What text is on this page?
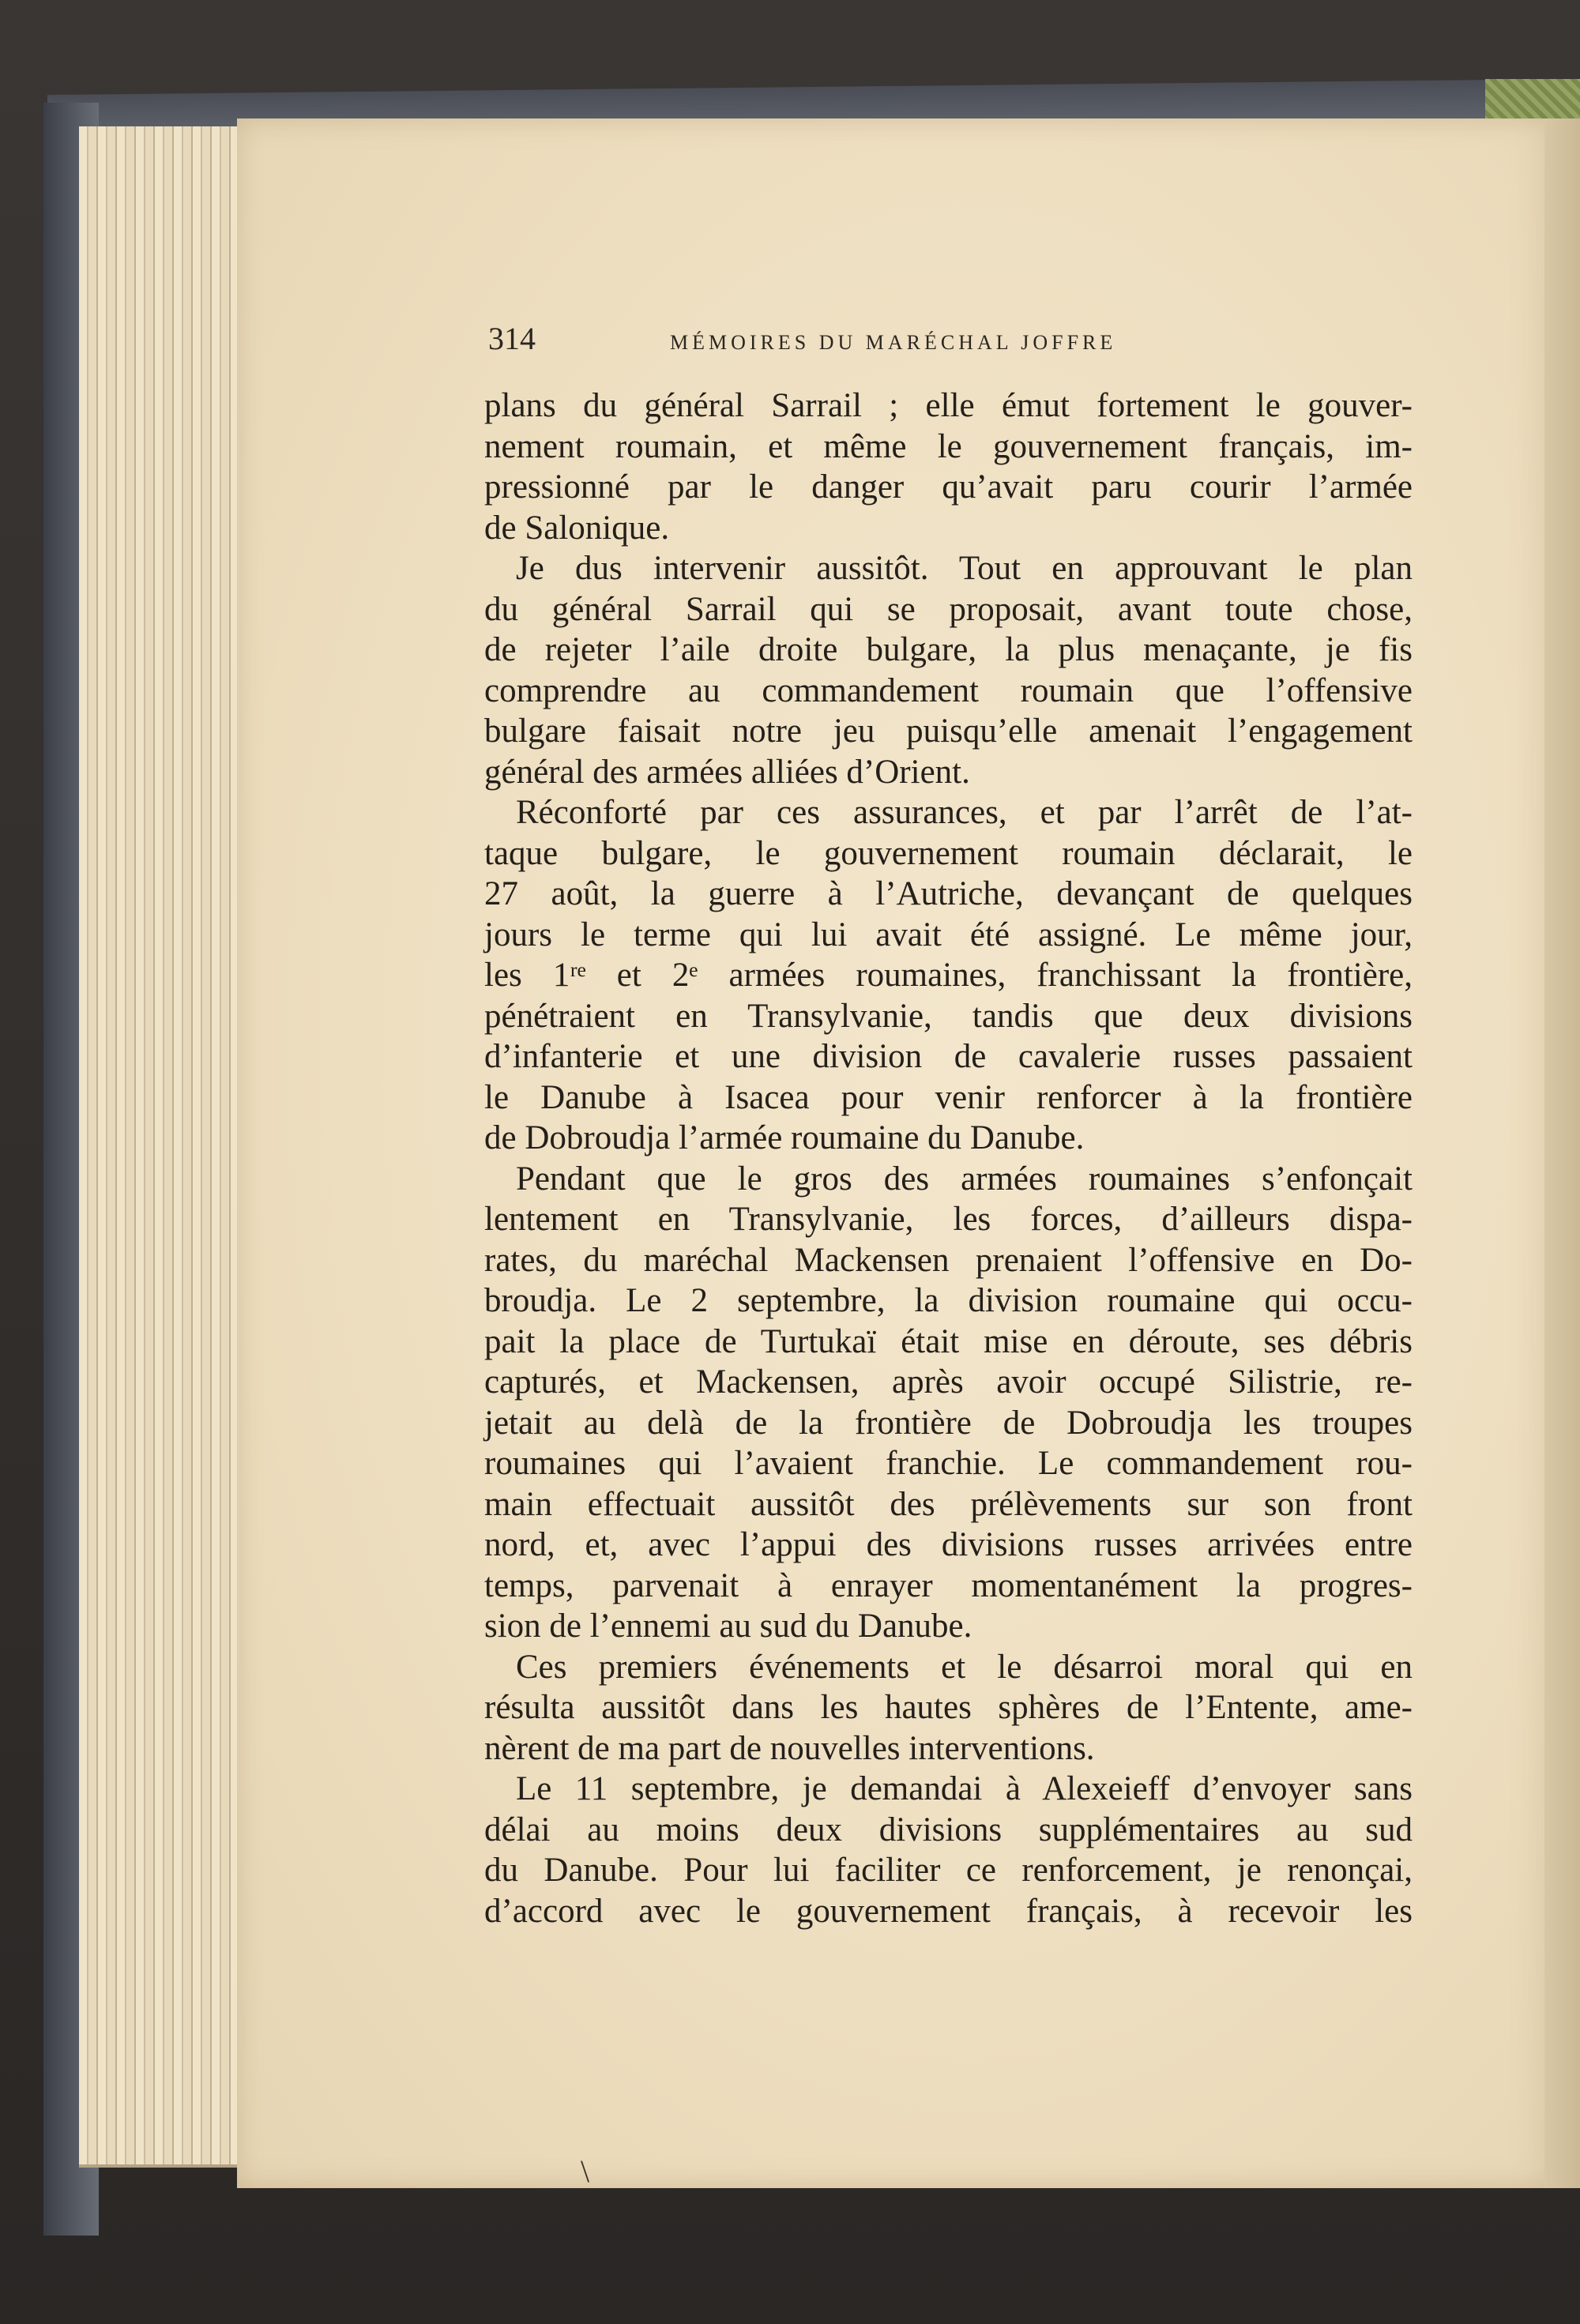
314	MÉMOIRES DU MARÉCHAL JOFFRE
plans du général Sarrail ; elle émut fortement le gouver-
nement roumain, et même le gouvernement français, im-
pressionné par le danger qu’avait paru courir l’armée
de Salonique.
Je dus intervenir aussitôt. Tout en approuvant le plan
du général Sarrail qui se proposait, avant toute chose,
de rejeter l’aile droite bulgare, la plus menaçante, je fis
comprendre au commandement roumain que l’offensive
bulgare faisait notre jeu puisqu’elle amenait l’engagement
général des armées alliées d’Orient.
Réconforté par ces assurances, et par l’arrêt de l’at-
taque bulgare, le gouvernement roumain déclarait, le
27 août, la guerre à l’Autriche, devançant de quelques
jours le terme qui lui avait été assigné. Le même jour,
les 1ʳᵉ et 2ᵉ armées roumaines, franchissant la frontière,
pénétraient en Transylvanie, tandis que deux divisions
d’infanterie et une division de cavalerie russes passaient
le Danube à Isacea pour venir renforcer à la frontière
de Dobroudja l’armée roumaine du Danube.
Pendant que le gros des armées roumaines s’enfonçait
lentement en Transylvanie, les forces, d’ailleurs dispa-
rates, du maréchal Mackensen prenaient l’offensive en Do-
broudja. Le 2 septembre, la division roumaine qui occu-
pait la place de Turtukaï était mise en déroute, ses débris
capturés, et Mackensen, après avoir occupé Silistrie, re-
jetait au delà de la frontière de Dobroudja les troupes
roumaines qui l’avaient franchie. Le commandement rou-
main effectuait aussitôt des prélèvements sur son front
nord, et, avec l’appui des divisions russes arrivées entre
temps, parvenait à enrayer momentanément la progres-
sion de l’ennemi au sud du Danube.
Ces premiers événements et le désarroi moral qui en
résulta aussitôt dans les hautes sphères de l’Entente, ame-
nèrent de ma part de nouvelles interventions.
Le 11 septembre, je demandai à Alexeieff d’envoyer sans
délai au moins deux divisions supplémentaires au sud
du Danube. Pour lui faciliter ce renforcement, je renonçai,
d’accord avec le gouvernement français, à recevoir les
\
